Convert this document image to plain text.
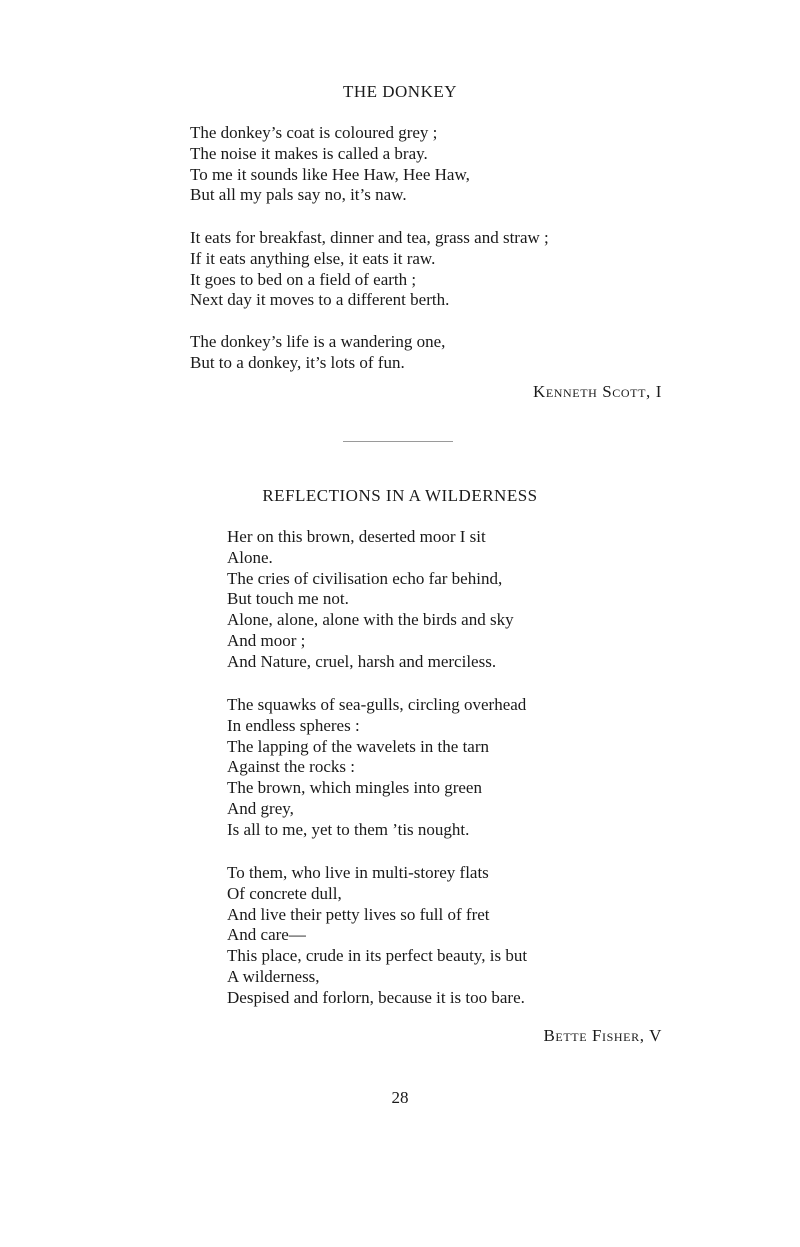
THE DONKEY
The donkey’s coat is coloured grey ;
The noise it makes is called a bray.
To me it sounds like Hee Haw, Hee Haw,
But all my pals say no, it’s naw.
It eats for breakfast, dinner and tea, grass and straw ;
If it eats anything else, it eats it raw.
It goes to bed on a field of earth ;
Next day it moves to a different berth.
The donkey’s life is a wandering one,
But to a donkey, it’s lots of fun.

Kenneth Scott, I

REFLECTIONS IN A WILDERNESS
Her on this brown, deserted moor I sit
Alone.
The cries of civilisation echo far behind,
But touch me not.
Alone, alone, alone with the birds and sky
And moor ;
And Nature, cruel, harsh and merciless.
The squawks of sea-gulls, circling overhead
In endless spheres :
The lapping of the wavelets in the tarn
Against the rocks :
The brown, which mingles into green
And grey,
Is all to me, yet to them ’tis nought.
To them, who live in multi-storey flats
Of concrete dull,
And live their petty lives so full of fret
And care—
This place, crude in its perfect beauty, is but
A wilderness,
Despised and forlorn, because it is too bare.

Bette Fisher, V

28
